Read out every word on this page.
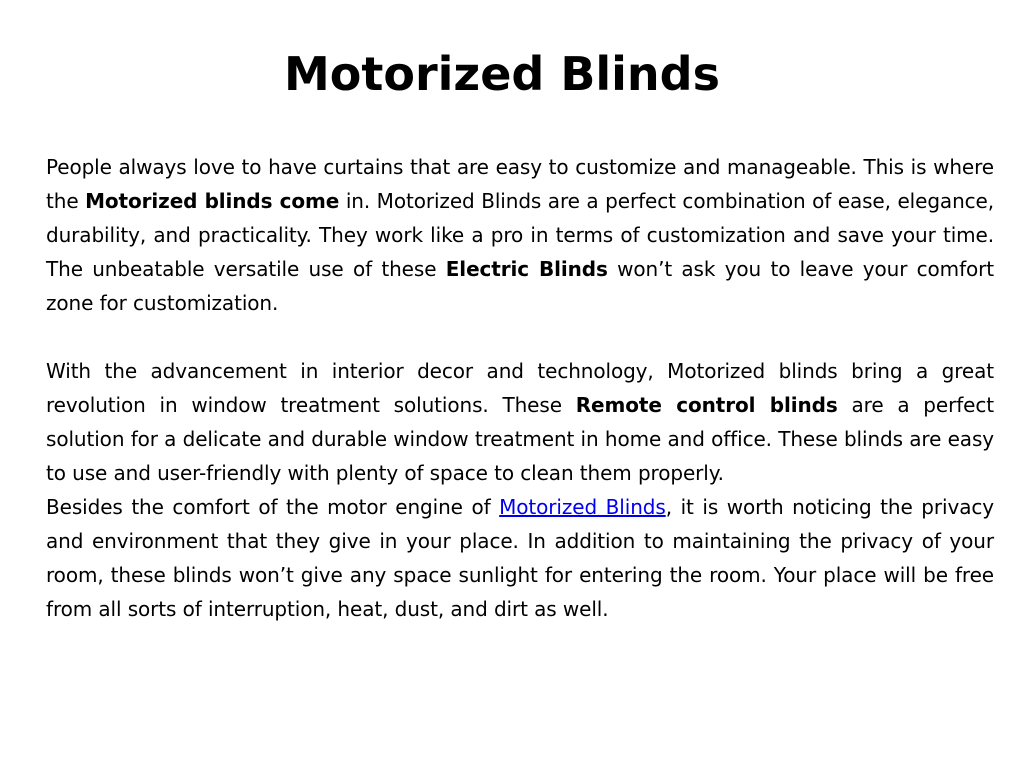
Motorized Blinds

People always love to have curtains that are easy to customize and manageable. This is where the Motorized blinds come in. Motorized Blinds are a perfect combination of ease, elegance, durability, and practicality. They work like a pro in terms of customization and save your time. The unbeatable versatile use of these Electric Blinds won’t ask you to leave your comfort zone for customization.

With the advancement in interior decor and technology, Motorized blinds bring a great revolution in window treatment solutions. These Remote control blinds are a perfect solution for a delicate and durable window treatment in home and office. These blinds are easy to use and user-friendly with plenty of space to clean them properly.

Besides the comfort of the motor engine of Motorized Blinds, it is worth noticing the privacy and environment that they give in your place. In addition to maintaining the privacy of your room, these blinds won’t give any space sunlight for entering the room. Your place will be free from all sorts of interruption, heat, dust, and dirt as well.
